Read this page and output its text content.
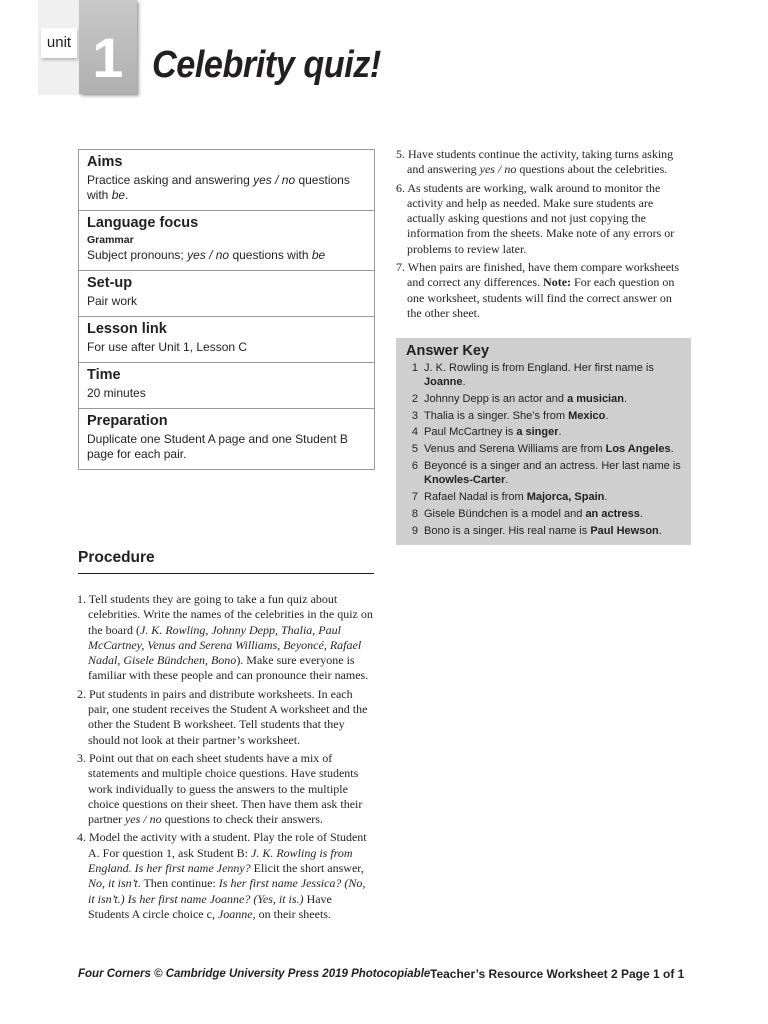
unit 1 Celebrity quiz!
Aims

Practice asking and answering yes / no questions with be.

Language focus
Grammar

Subject pronouns; yes / no questions with be

Set-up

Pair work

Lesson link

For use after Unit 1, Lesson C

Time

20 minutes

Preparation

Duplicate one Student A page and one Student B page for each pair.

Procedure
1. Tell students they are going to take a fun quiz about celebrities. Write the names of the celebrities in the quiz on the board (J. K. Rowling, Johnny Depp, Thalia, Paul McCartney, Venus and Serena Williams, Beyoncé, Rafael Nadal, Gisele Bündchen, Bono). Make sure everyone is familiar with these people and can pronounce their names.
2. Put students in pairs and distribute worksheets. In each pair, one student receives the Student A worksheet and the other the Student B worksheet. Tell students that they should not look at their partner’s worksheet.
3. Point out that on each sheet students have a mix of statements and multiple choice questions. Have students work individually to guess the answers to the multiple choice questions on their sheet. Then have them ask their partner yes / no questions to check their answers.
4. Model the activity with a student. Play the role of Student A. For question 1, ask Student B: J. K. Rowling is from England. Is her first name Jenny? Elicit the short answer, No, it isn’t. Then continue: Is her first name Jessica? (No, it isn’t.) Is her first name Joanne? (Yes, it is.) Have Students A circle choice c, Joanne, on their sheets.
5. Have students continue the activity, taking turns asking and answering yes / no questions about the celebrities.
6. As students are working, walk around to monitor the activity and help as needed. Make sure students are actually asking questions and not just copying the information from the sheets. Make note of any errors or problems to review later.
7. When pairs are finished, have them compare worksheets and correct any differences. Note: For each question on one worksheet, students will find the correct answer on the other sheet.
Answer Key
1 J. K. Rowling is from England. Her first name is Joanne.
2 Johnny Depp is an actor and a musician.
3 Thalia is a singer. She’s from Mexico.
4 Paul McCartney is a singer.
5 Venus and Serena Williams are from Los Angeles.
6 Beyoncé is a singer and an actress. Her last name is Knowles-Carter.
7 Rafael Nadal is from Majorca, Spain.
8 Gisele Bündchen is a model and an actress.
9 Bono is a singer. His real name is Paul Hewson.
Four Corners © Cambridge University Press 2019 Photocopiable Teacher’s Resource Worksheet 2 Page 1 of 1
